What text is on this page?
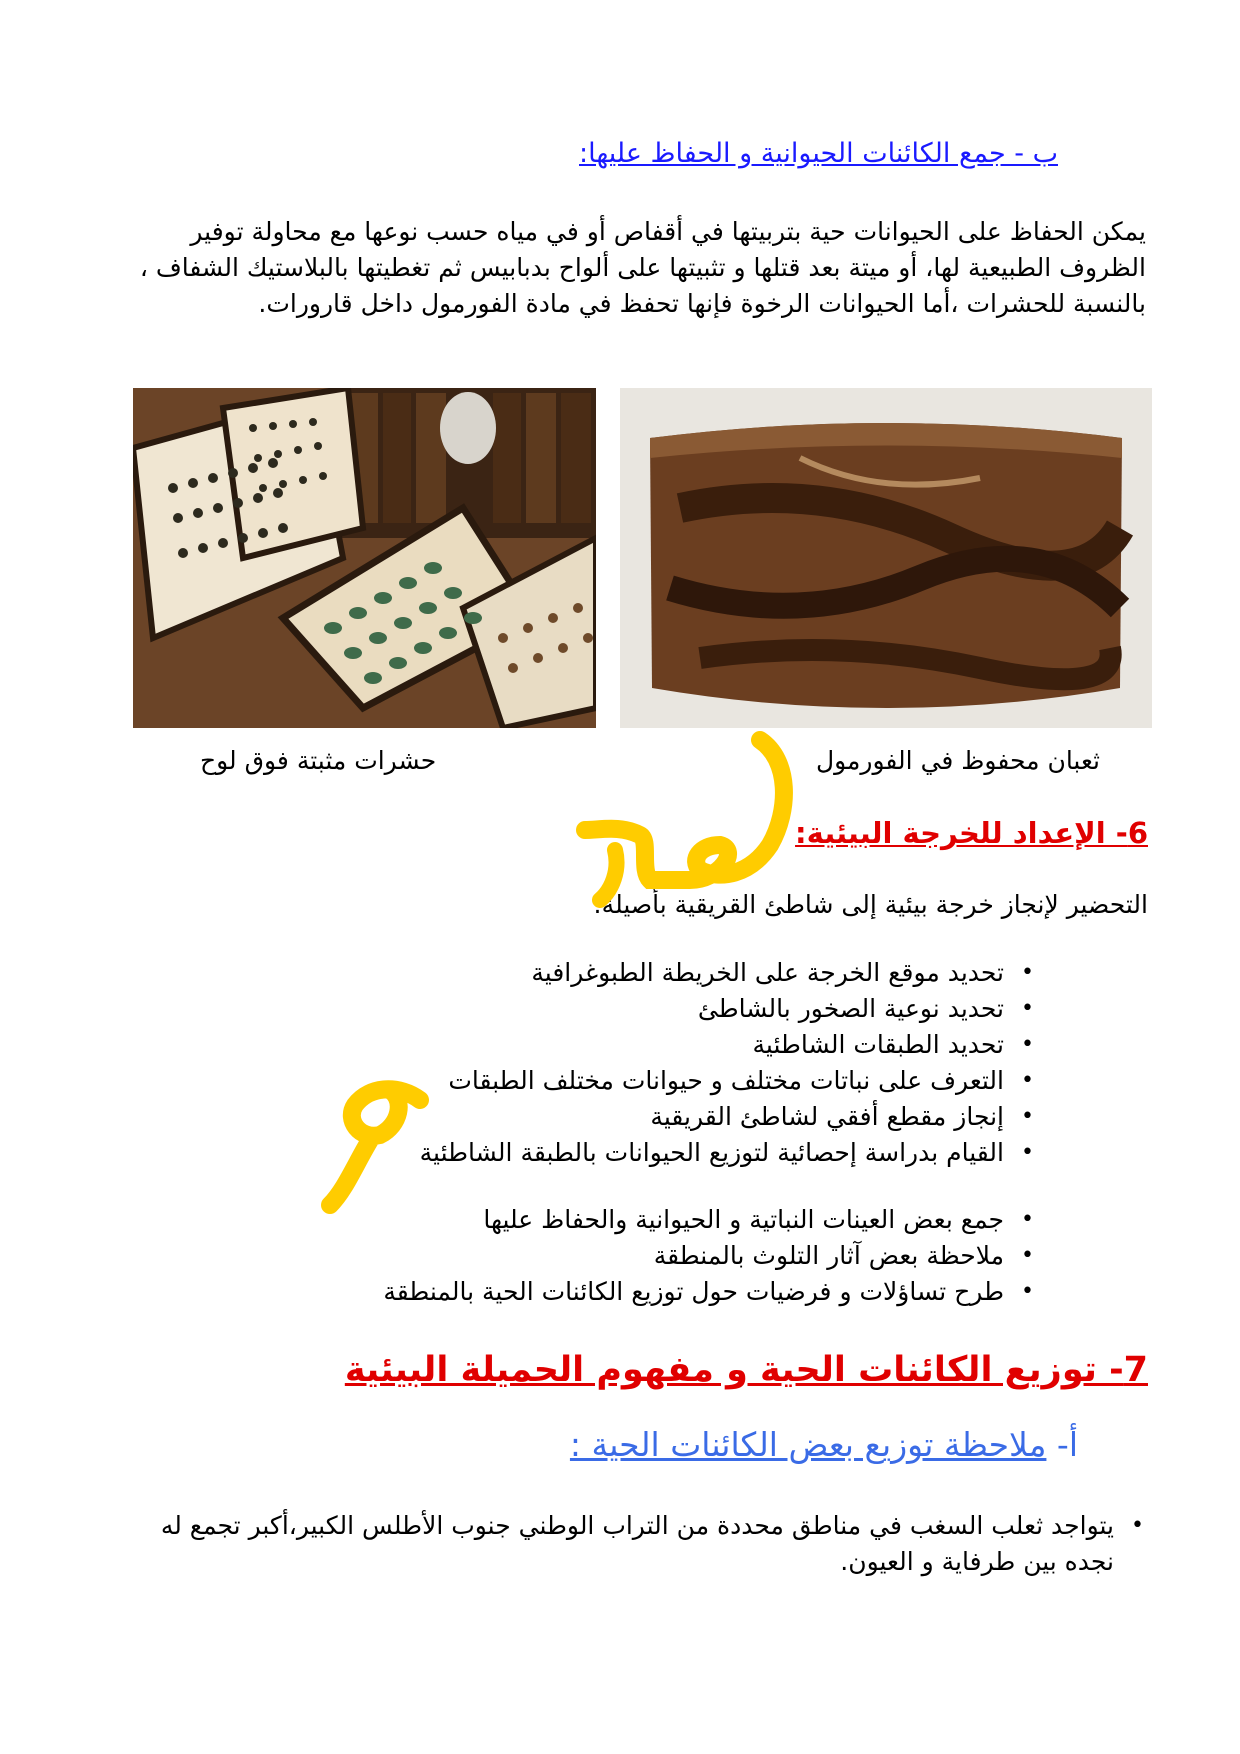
ب - جمع الكائنات الحيوانية و الحفاظ عليها:
يمكن الحفاظ على الحيوانات حية بتربيتها في أقفاص أو في مياه حسب نوعها مع محاولة توفير الظروف الطبيعية لها، أو ميتة بعد قتلها و تثبيتها على ألواح بدبابيس ثم تغطيتها بالبلاستيك الشفاف ، بالنسبة للحشرات ،أما الحيوانات الرخوة فإنها تحفظ في مادة الفورمول داخل قارورات.
حشرات مثبتة فوق لوح	ثعبان محفوظ في الفورمول
6- الإعداد للخرجة البيئية:
التحضير لإنجاز خرجة بيئية إلى شاطئ القريقية بأصيلة:
•
تحديد موقع الخرجة على الخريطة الطبوغرافية
•
تحديد نوعية الصخور بالشاطئ
•
تحديد الطبقات الشاطئية
•
التعرف على نباتات مختلف و حيوانات مختلف الطبقات
•
إنجاز مقطع أفقي لشاطئ القريقية
•
القيام بدراسة إحصائية لتوزيع الحيوانات بالطبقة الشاطئية
•
جمع بعض العينات النباتية و الحيوانية والحفاظ عليها
•
ملاحظة بعض آثار التلوث بالمنطقة
•
طرح تساؤلات و فرضيات حول توزيع الكائنات الحية بالمنطقة
7- توزيع الكائنات الحية و مفهوم الحميلة البيئية
أ- ملاحظة توزيع بعض الكائنات الحية :
•
يتواجد ثعلب السغب في مناطق محددة من التراب الوطني جنوب الأطلس الكبير،أكبر تجمع له نجده بين طرفاية و العيون.
